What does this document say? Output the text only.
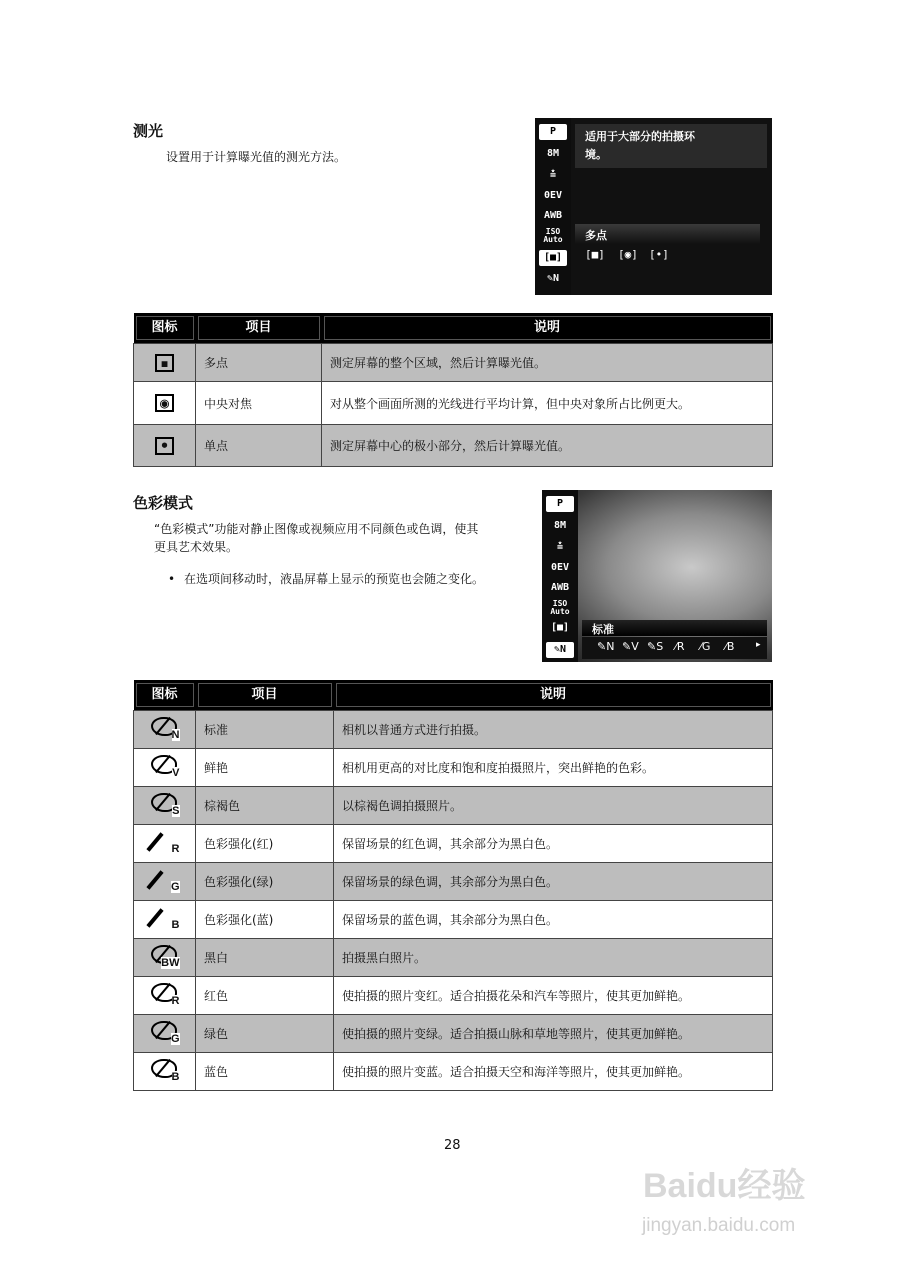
测光
设置用于计算曝光值的测光方法。
P
8M
≛
0EV
AWB
ISO
Auto
[■]
✎N
适用于大部分的拍摄环
境。
多点
[■] [◉] [•]
图标	项目	说明

▪	多点	测定屏幕的整个区域，然后计算曝光值。
◉	中央对焦	对从整个画面所测的光线进行平均计算，但中央对象所占比例更大。
•	单点	测定屏幕中心的极小部分，然后计算曝光值。
色彩模式
“色彩模式”功能对静止图像或视频应用不同颜色或色调，使其
更具艺术效果。
• 在选项间移动时，液晶屏幕上显示的预览也会随之变化。
P
8M
≛
0EV
AWB
ISO
Auto
[■]
✎N
标准
✎N ✎V ✎S ⁄R ⁄G ⁄B ▸
图标	项目	说明

N	标准	相机以普通方式进行拍摄。

V	鲜艳	相机用更高的对比度和饱和度拍摄照片，突出鲜艳的色彩。

S	棕褐色	以棕褐色调拍摄照片。

R	色彩强化(红)	保留场景的红色调，其余部分为黑白色。

G	色彩强化(绿)	保留场景的绿色调，其余部分为黑白色。

B	色彩强化(蓝)	保留场景的蓝色调，其余部分为黑白色。

BW	黑白	拍摄黑白照片。

R	红色	使拍摄的照片变红。适合拍摄花朵和汽车等照片，使其更加鲜艳。

G	绿色	使拍摄的照片变绿。适合拍摄山脉和草地等照片，使其更加鲜艳。

B	蓝色	使拍摄的照片变蓝。适合拍摄天空和海洋等照片，使其更加鲜艳。
28
Baidu经验
jingyan.baidu.com
